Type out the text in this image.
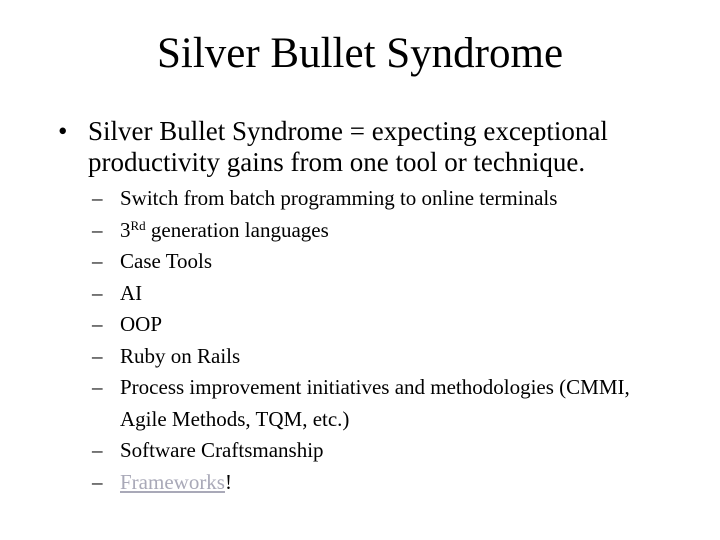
Silver Bullet Syndrome
• Silver Bullet Syndrome = expecting exceptional productivity gains from one tool or technique.
– Switch from batch programming to online terminals
– 3Rd generation languages
– Case Tools
– AI
– OOP
– Ruby on Rails
– Process improvement initiatives and methodologies (CMMI, Agile Methods, TQM, etc.)
– Software Craftsmanship
– Frameworks!
